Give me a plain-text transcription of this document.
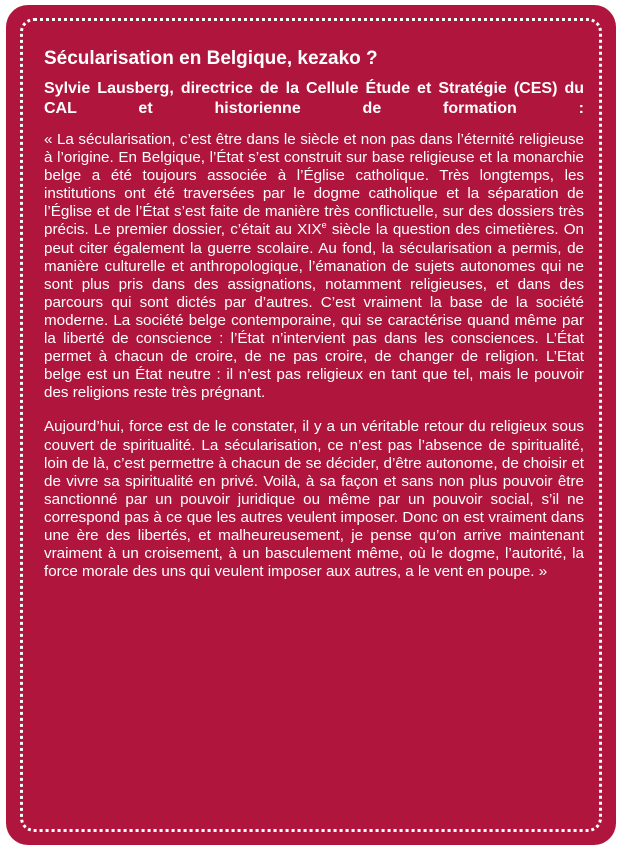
Sécularisation en Belgique, kezako ?
Sylvie Lausberg, directrice de la Cellule Étude et Stratégie (CES) du CAL et historienne de formation :

« La sécularisation, c’est être dans le siècle et non pas dans l’éternité religieuse à l’origine. En Belgique, l’État s’est construit sur base religieuse et la monarchie belge a été toujours associée à l’Église catholique. Très longtemps, les institutions ont été traversées par le dogme catholique et la séparation de l’Église et de l’État s’est faite de manière très conflictuelle, sur des dossiers très précis. Le premier dossier, c’était au XIXe siècle la question des cimetières. On peut citer également la guerre scolaire. Au fond, la sécularisation a permis, de manière culturelle et anthropologique, l’émanation de sujets autonomes qui ne sont plus pris dans des assignations, notamment religieuses, et dans des parcours qui sont dictés par d’autres. C’est vraiment la base de la société moderne. La société belge contemporaine, qui se caractérise quand même par la liberté de conscience : l’État n’intervient pas dans les consciences. L’État permet à chacun de croire, de ne pas croire, de changer de religion. L’Etat belge est un État neutre : il n’est pas religieux en tant que tel, mais le pouvoir des religions reste très prégnant.

Aujourd’hui, force est de le constater, il y a un véritable retour du religieux sous couvert de spiritualité. La sécularisation, ce n’est pas l’absence de spiritualité, loin de là, c’est permettre à chacun de se décider, d’être autonome, de choisir et de vivre sa spiritualité en privé. Voilà, à sa façon et sans non plus pouvoir être sanctionné par un pouvoir juridique ou même par un pouvoir social, s’il ne correspond pas à ce que les autres veulent imposer. Donc on est vraiment dans une ère des libertés, et malheureusement, je pense qu’on arrive maintenant vraiment à un croisement, à un basculement même, où le dogme, l’autorité, la force morale des uns qui veulent imposer aux autres, a le vent en poupe. »
